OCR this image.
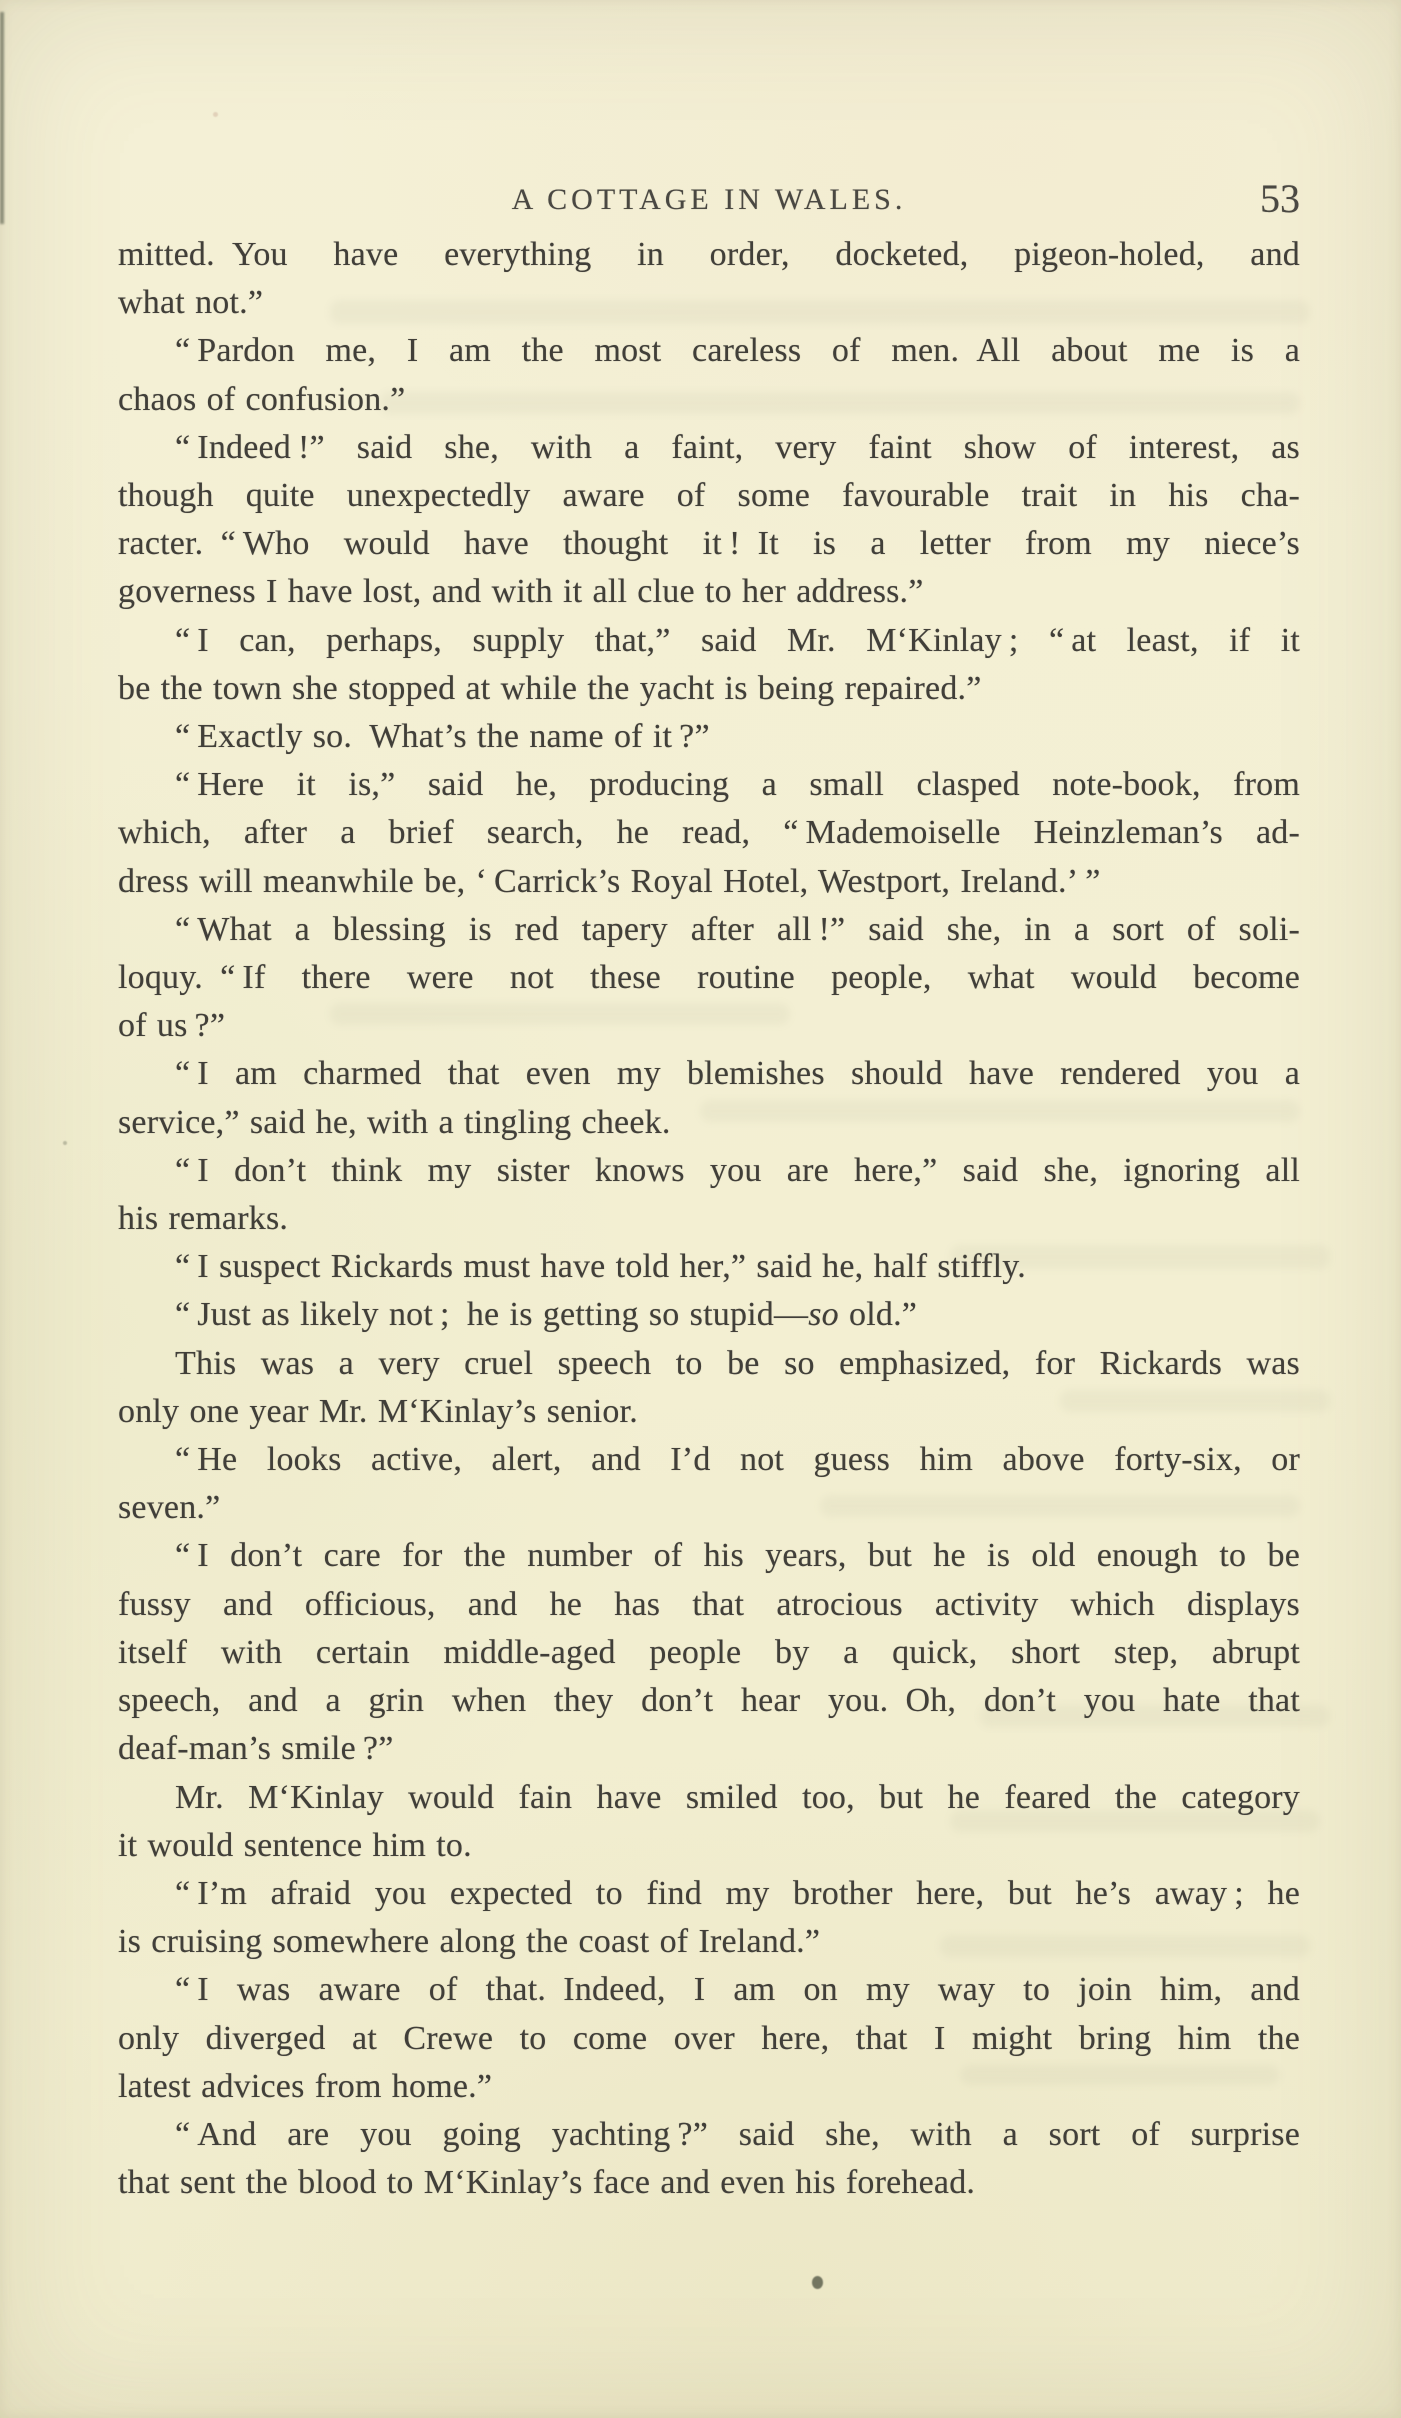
A COTTAGE IN WALES.	53
mitted. You have everything in order, docketed, pigeon-holed, and
what not.”
“ Pardon me, I am the most careless of men. All about me is a
chaos of confusion.”
“ Indeed !” said she, with a faint, very faint show of interest, as
though quite unexpectedly aware of some favourable trait in his cha-
racter. “ Who would have thought it ! It is a letter from my niece’s
governess I have lost, and with it all clue to her address.”
“ I can, perhaps, supply that,” said Mr. M‘Kinlay ; “ at least, if it
be the town she stopped at while the yacht is being repaired.”
“ Exactly so. What’s the name of it ?”
“ Here it is,” said he, producing a small clasped note-book, from
which, after a brief search, he read, “ Mademoiselle Heinzleman’s ad-
dress will meanwhile be, ‘ Carrick’s Royal Hotel, Westport, Ireland.’ ”
“ What a blessing is red tapery after all !” said she, in a sort of soli-
loquy. “ If there were not these routine people, what would become
of us ?”
“ I am charmed that even my blemishes should have rendered you a
service,” said he, with a tingling cheek.
“ I don’t think my sister knows you are here,” said she, ignoring all
his remarks.
“ I suspect Rickards must have told her,” said he, half stiffly.
“ Just as likely not ; he is getting so stupid—so old.”
This was a very cruel speech to be so emphasized, for Rickards was
only one year Mr. M‘Kinlay’s senior.
“ He looks active, alert, and I’d not guess him above forty-six, or
seven.”
“ I don’t care for the number of his years, but he is old enough to be
fussy and officious, and he has that atrocious activity which displays
itself with certain middle-aged people by a quick, short step, abrupt
speech, and a grin when they don’t hear you. Oh, don’t you hate that
deaf-man’s smile ?”
Mr. M‘Kinlay would fain have smiled too, but he feared the category
it would sentence him to.
“ I’m afraid you expected to find my brother here, but he’s away ; he
is cruising somewhere along the coast of Ireland.”
“ I was aware of that. Indeed, I am on my way to join him, and
only diverged at Crewe to come over here, that I might bring him the
latest advices from home.”
“ And are you going yachting ?” said she, with a sort of surprise
that sent the blood to M‘Kinlay’s face and even his forehead.
